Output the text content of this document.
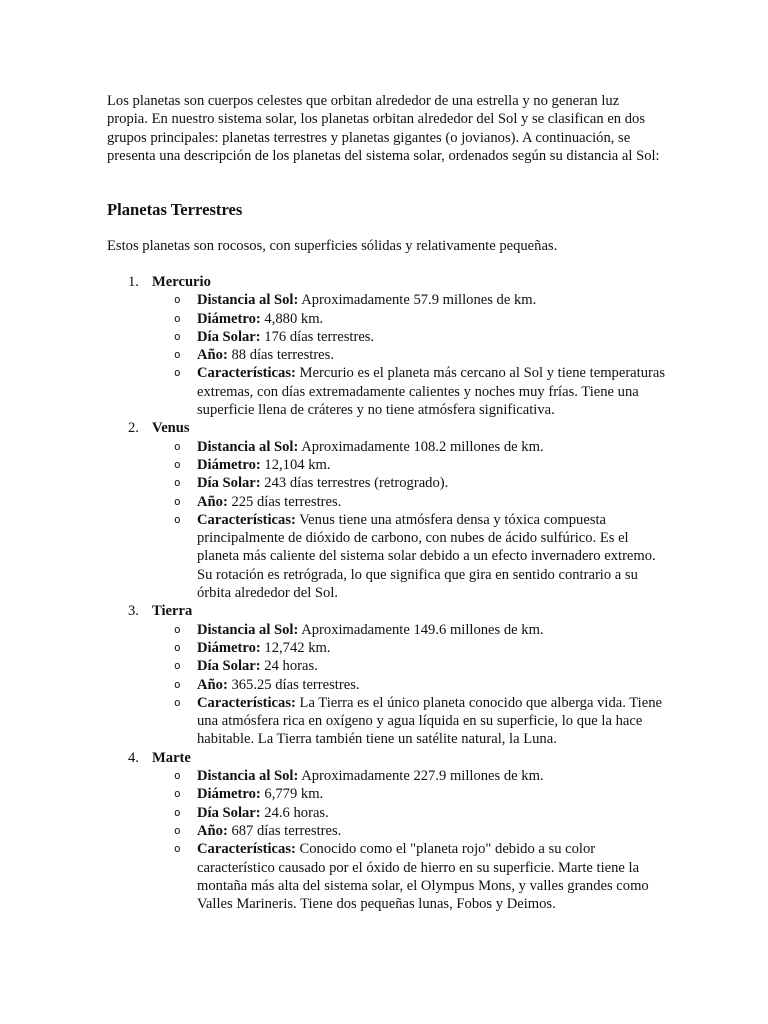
Los planetas son cuerpos celestes que orbitan alrededor de una estrella y no generan luz propia. En nuestro sistema solar, los planetas orbitan alrededor del Sol y se clasifican en dos grupos principales: planetas terrestres y planetas gigantes (o jovianos). A continuación, se presenta una descripción de los planetas del sistema solar, ordenados según su distancia al Sol:

Planetas Terrestres

Estos planetas son rocosos, con superficies sólidas y relativamente pequeñas.

1. Mercurio
o Distancia al Sol: Aproximadamente 57.9 millones de km.
o Diámetro: 4,880 km.
o Día Solar: 176 días terrestres.
o Año: 88 días terrestres.
o Características: Mercurio es el planeta más cercano al Sol y tiene temperaturas extremas, con días extremadamente calientes y noches muy frías. Tiene una superficie llena de cráteres y no tiene atmósfera significativa.
2. Venus
o Distancia al Sol: Aproximadamente 108.2 millones de km.
o Diámetro: 12,104 km.
o Día Solar: 243 días terrestres (retrogrado).
o Año: 225 días terrestres.
o Características: Venus tiene una atmósfera densa y tóxica compuesta principalmente de dióxido de carbono, con nubes de ácido sulfúrico. Es el planeta más caliente del sistema solar debido a un efecto invernadero extremo. Su rotación es retrógrada, lo que significa que gira en sentido contrario a su órbita alrededor del Sol.
3. Tierra
o Distancia al Sol: Aproximadamente 149.6 millones de km.
o Diámetro: 12,742 km.
o Día Solar: 24 horas.
o Año: 365.25 días terrestres.
o Características: La Tierra es el único planeta conocido que alberga vida. Tiene una atmósfera rica en oxígeno y agua líquida en su superficie, lo que la hace habitable. La Tierra también tiene un satélite natural, la Luna.
4. Marte
o Distancia al Sol: Aproximadamente 227.9 millones de km.
o Diámetro: 6,779 km.
o Día Solar: 24.6 horas.
o Año: 687 días terrestres.
o Características: Conocido como el "planeta rojo" debido a su color característico causado por el óxido de hierro en su superficie. Marte tiene la montaña más alta del sistema solar, el Olympus Mons, y valles grandes como Valles Marineris. Tiene dos pequeñas lunas, Fobos y Deimos.
